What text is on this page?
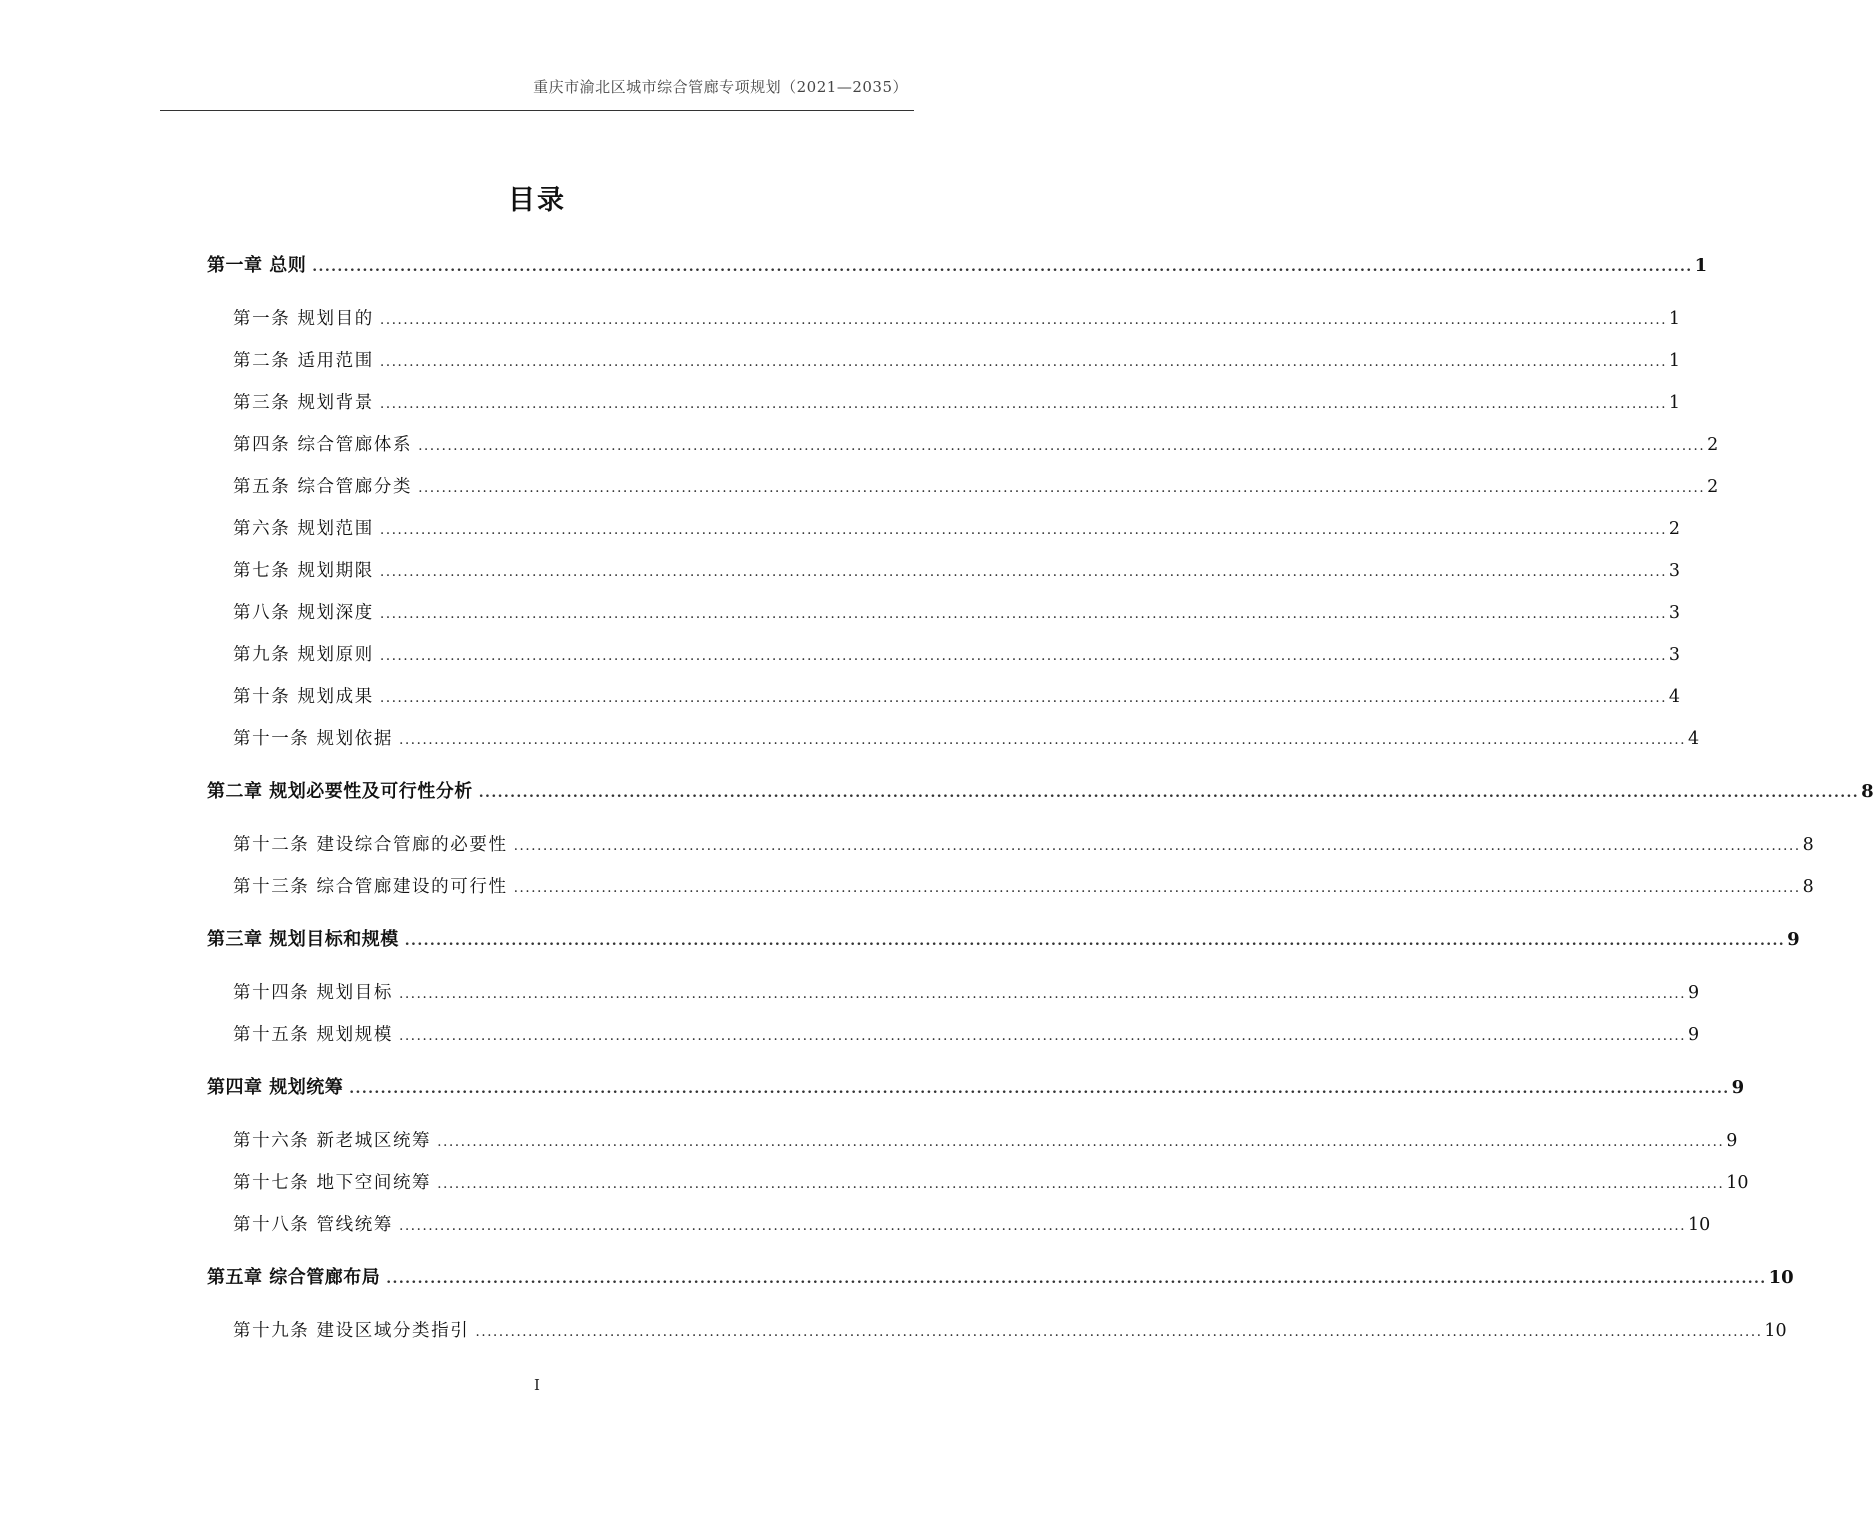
重庆市渝北区城市综合管廊专项规划（2021—2035）
目录
第一章 总则 ............................................................................................................................................................................................................................ 1
第一条 规划目的 ............................................................................................................................................................................................................................ 1
第二条 适用范围 ............................................................................................................................................................................................................................ 1
第三条 规划背景 ............................................................................................................................................................................................................................ 1
第四条 综合管廊体系 ............................................................................................................................................................................................................................ 2
第五条 综合管廊分类 ............................................................................................................................................................................................................................ 2
第六条 规划范围 ............................................................................................................................................................................................................................ 2
第七条 规划期限 ............................................................................................................................................................................................................................ 3
第八条 规划深度 ............................................................................................................................................................................................................................ 3
第九条 规划原则 ............................................................................................................................................................................................................................ 3
第十条 规划成果 ............................................................................................................................................................................................................................ 4
第十一条 规划依据 ............................................................................................................................................................................................................................ 4
第二章 规划必要性及可行性分析 ............................................................................................................................................................................................................................ 8
第十二条 建设综合管廊的必要性 ............................................................................................................................................................................................................................ 8
第十三条 综合管廊建设的可行性 ............................................................................................................................................................................................................................ 8
第三章 规划目标和规模 ............................................................................................................................................................................................................................ 9
第十四条 规划目标 ............................................................................................................................................................................................................................ 9
第十五条 规划规模 ............................................................................................................................................................................................................................ 9
第四章 规划统筹 ............................................................................................................................................................................................................................ 9
第十六条 新老城区统筹 ............................................................................................................................................................................................................................ 9
第十七条 地下空间统筹 ............................................................................................................................................................................................................................ 10
第十八条 管线统筹 ............................................................................................................................................................................................................................ 10
第五章 综合管廊布局 ............................................................................................................................................................................................................................ 10
第十九条 建设区域分类指引 ............................................................................................................................................................................................................................ 10
I
